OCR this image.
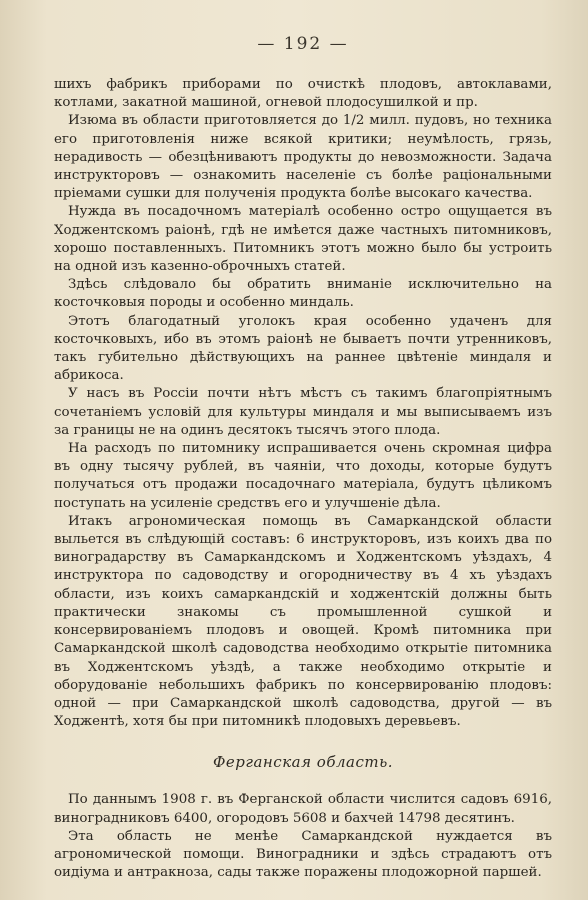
— 192 —

шихъ фабрикъ приборами по очисткѣ плодовъ, автоклавами, котлами, закатной машиной, огневой плодосушилкой и пр.

Изюма въ области приготовляется до 1/2 милл. пудовъ, но техника его приготовленія ниже всякой критики; неумѣлость, грязь, нерадивость — обезцѣниваютъ продукты до невозможности. Задача инструкторовъ — ознакомить населеніе съ болѣе раціональными пріемами сушки для полученія продукта болѣе высокаго качества.

Нужда въ посадочномъ матеріалѣ особенно остро ощущается въ Ходжентскомъ раіонѣ, гдѣ не имѣется даже частныхъ питомниковъ, хорошо поставленныхъ. Питомникъ этотъ можно было бы устроить на одной изъ казенно-оброчныхъ статей.

Здѣсь слѣдовало бы обратить вниманіе исключительно на косточковыя породы и особенно миндаль.

Этотъ благодатный уголокъ края особенно удаченъ для косточковыхъ, ибо въ этомъ раіонѣ не бываетъ почти утренниковъ, такъ губительно дѣйствующихъ на раннее цвѣтеніе миндаля и абрикоса.

У насъ въ Россіи почти нѣтъ мѣстъ съ такимъ благопріятнымъ сочетаніемъ условій для культуры миндаля и мы выписываемъ изъ за границы не на одинъ десятокъ тысячъ этого плода.

На расходъ по питомнику испрашивается очень скромная цифра въ одну тысячу рублей, въ чаяніи, что доходы, которые будутъ получаться отъ продажи посадочнаго матеріала, будутъ цѣликомъ поступать на усиленіе средствъ его и улучшеніе дѣла.

Итакъ агрономическая помощь въ Самаркандской области выльется въ слѣдующій составъ: 6 инструкторовъ, изъ коихъ два по виноградарству въ Самаркандскомъ и Ходжентскомъ уѣздахъ, 4 инструктора по садоводству и огородничеству въ 4 хъ уѣздахъ области, изъ коихъ самаркандскій и ходжентскій должны быть практически знакомы съ промышленной сушкой и консервированіемъ плодовъ и овощей. Кромѣ питомника при Самаркандской школѣ садоводства необходимо открытіе питомника въ Ходжентскомъ уѣздѣ, а также необходимо открытіе и оборудованіе небольшихъ фабрикъ по консервированію плодовъ: одной — при Самаркандской школѣ садоводства, другой — въ Ходжентѣ, хотя бы при питомникѣ плодовыхъ деревьевъ.

Ферганская область.

По даннымъ 1908 г. въ Ферганской области числится садовъ 6916, виноградниковъ 6400, огородовъ 5608 и бахчей 14798 десятинъ.

Эта область не менѣе Самаркандской нуждается въ агрономической помощи. Виноградники и здѣсь страдаютъ отъ оидіума и антракноза, сады также поражены плодожорной паршей.
